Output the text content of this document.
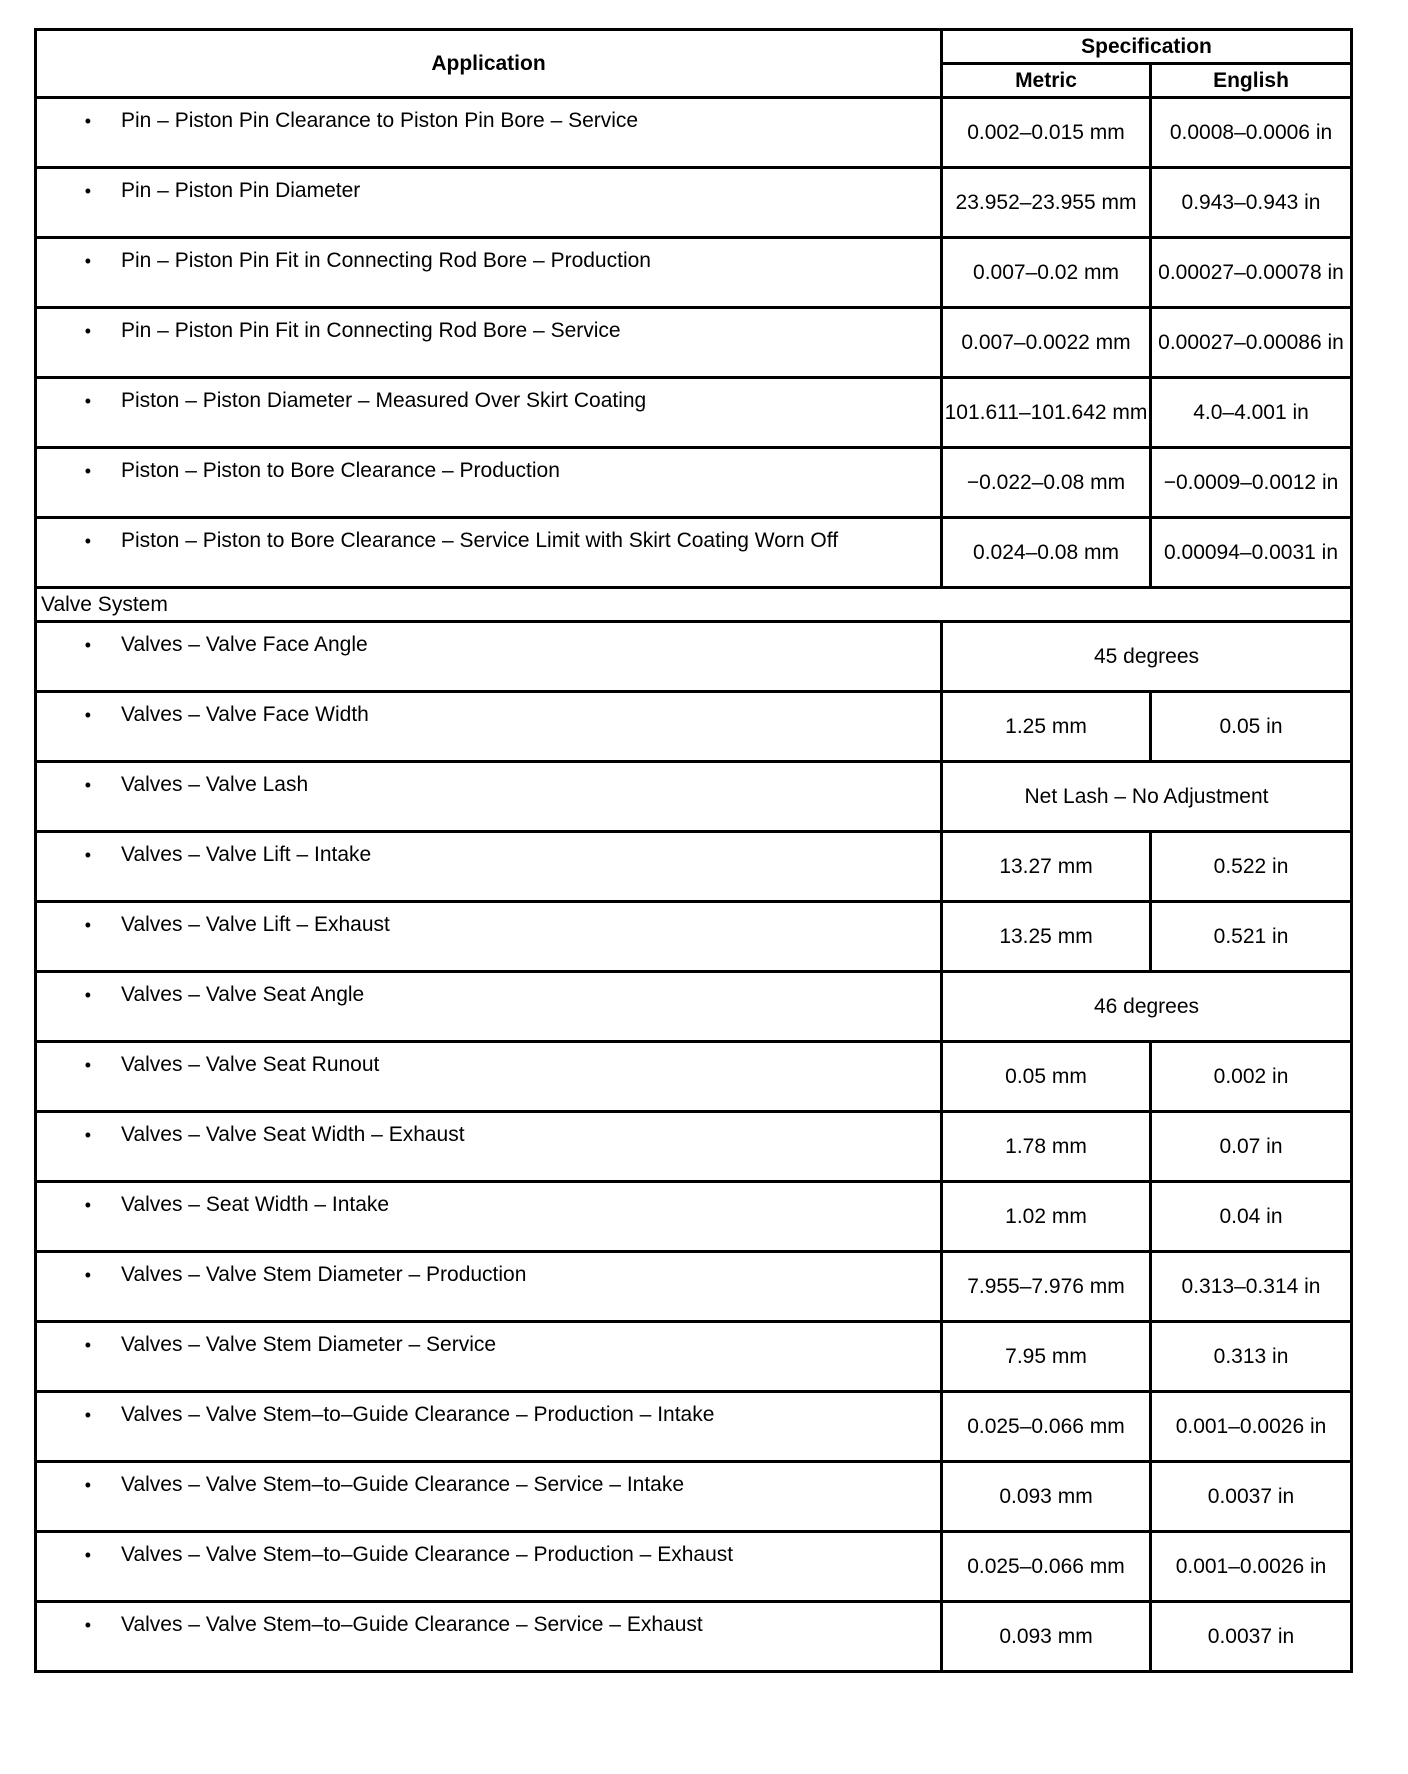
Application	Specification	
	Metric	English

• Pin – Piston Pin Clearance to Piston Pin Bore – Service	0.002–0.015 mm	0.0008–0.0006 in

• Pin – Piston Pin Diameter	23.952–23.955 mm	0.943–0.943 in

• Pin – Piston Pin Fit in Connecting Rod Bore – Production	0.007–0.02 mm	0.00027–0.00078 in

• Pin – Piston Pin Fit in Connecting Rod Bore – Service	0.007–0.0022 mm	0.00027–0.00086 in

• Piston – Piston Diameter – Measured Over Skirt Coating	101.611–101.642 mm	4.0–4.001 in

• Piston – Piston to Bore Clearance – Production	−0.022–0.08 mm	−0.0009–0.0012 in

• Piston – Piston to Bore Clearance – Service Limit with Skirt Coating Worn Off	0.024–0.08 mm	0.00094–0.0031 in
Valve System		

• Valves – Valve Face Angle	45 degrees	

• Valves – Valve Face Width	1.25 mm	0.05 in

• Valves – Valve Lash	Net Lash – No Adjustment	

• Valves – Valve Lift – Intake	13.27 mm	0.522 in

• Valves – Valve Lift – Exhaust	13.25 mm	0.521 in

• Valves – Valve Seat Angle	46 degrees	

• Valves – Valve Seat Runout	0.05 mm	0.002 in

• Valves – Valve Seat Width – Exhaust	1.78 mm	0.07 in

• Valves – Seat Width – Intake	1.02 mm	0.04 in

• Valves – Valve Stem Diameter – Production	7.955–7.976 mm	0.313–0.314 in

• Valves – Valve Stem Diameter – Service	7.95 mm	0.313 in

• Valves – Valve Stem–to–Guide Clearance – Production – Intake	0.025–0.066 mm	0.001–0.0026 in

• Valves – Valve Stem–to–Guide Clearance – Service – Intake	0.093 mm	0.0037 in

• Valves – Valve Stem–to–Guide Clearance – Production – Exhaust	0.025–0.066 mm	0.001–0.0026 in

• Valves – Valve Stem–to–Guide Clearance – Service – Exhaust	0.093 mm	0.0037 in
